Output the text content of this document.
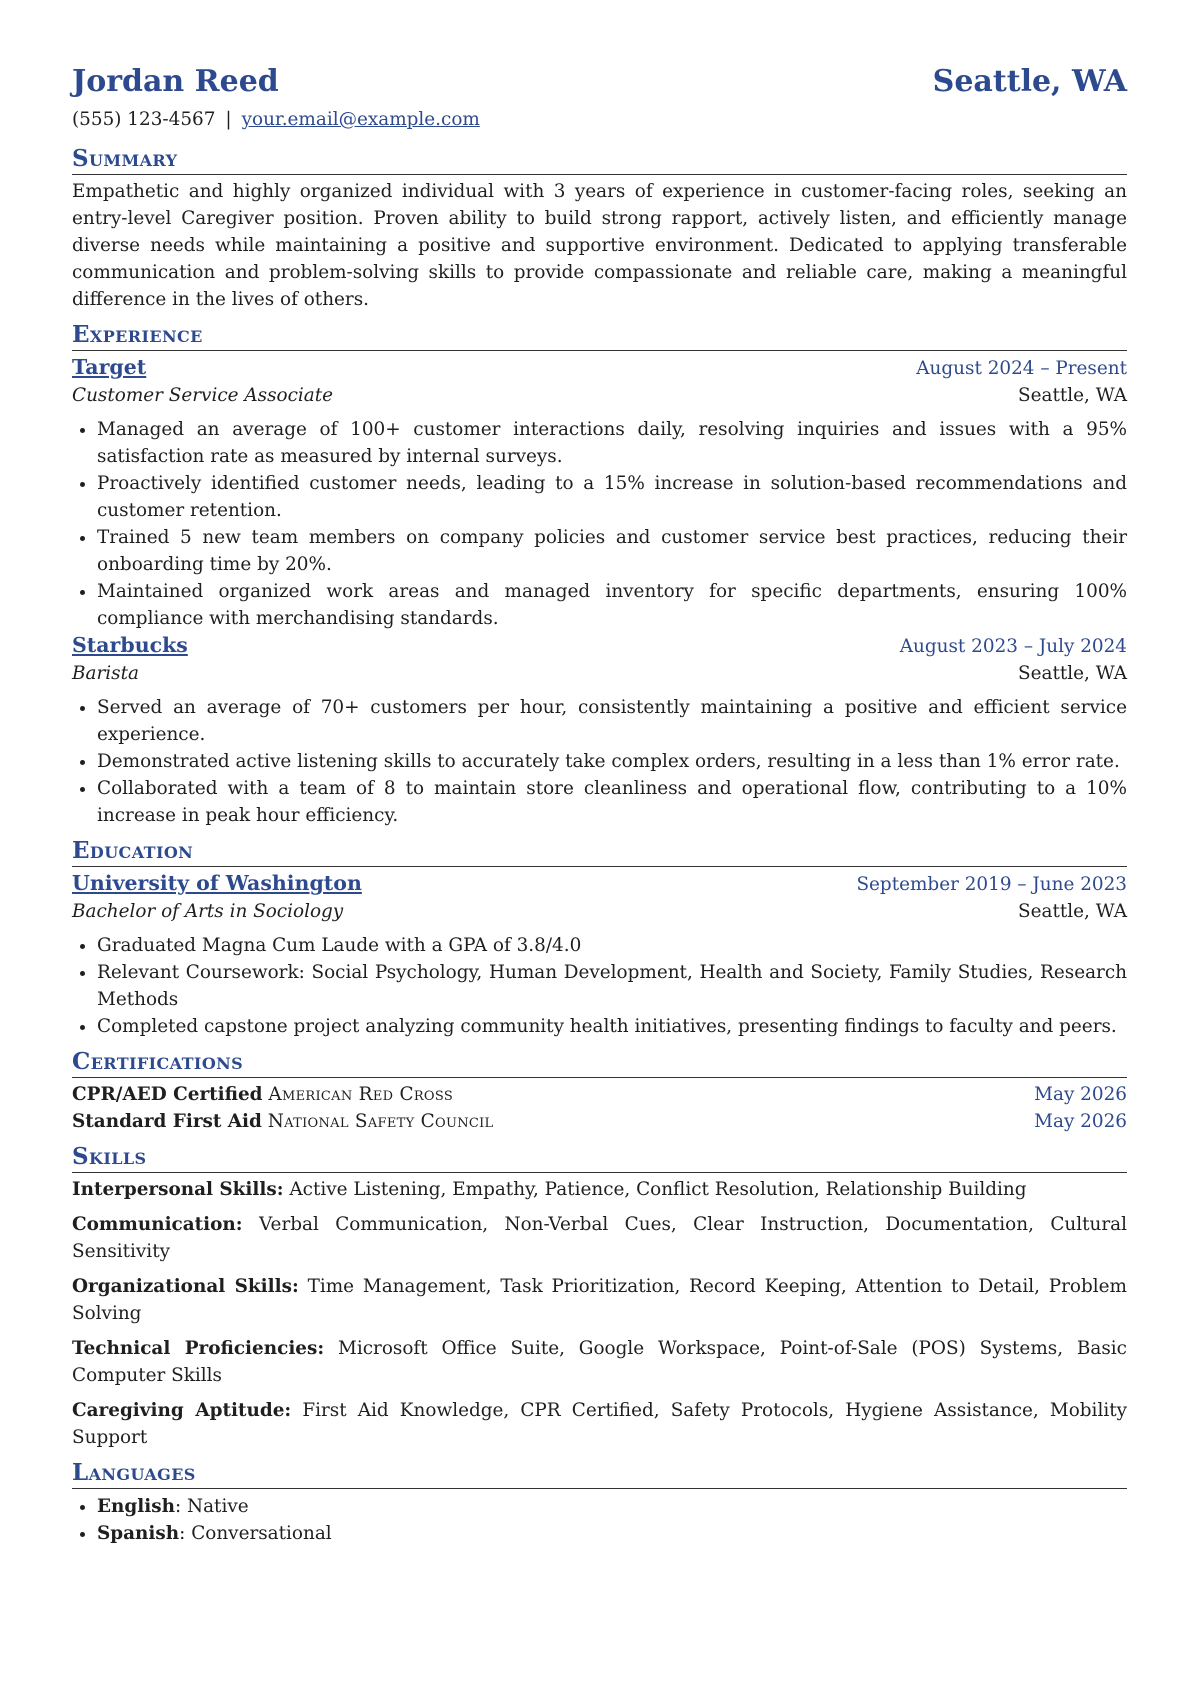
Jordan Reed	Seattle, WA
(555) 123-4567 | your.email@example.com
Summary

Empathetic and highly organized individual with 3 years of experience in customer-facing roles, seeking an entry-level Caregiver position. Proven ability to build strong rapport, actively listen, and efficiently manage diverse needs while maintaining a positive and supportive environment. Dedicated to applying transferable communication and problem-solving skills to provide compassionate and reliable care, making a meaningful difference in the lives of others.

Experience
Target	August 2024 – Present
Customer Service Associate	Seattle, WA
• Managed an average of 100+ customer interactions daily, resolving inquiries and issues with a 95% satisfaction rate as measured by internal surveys.
• Proactively identified customer needs, leading to a 15% increase in solution-based recommendations and customer retention.
• Trained 5 new team members on company policies and customer service best practices, reducing their onboarding time by 20%.
• Maintained organized work areas and managed inventory for specific departments, ensuring 100% compliance with merchandising standards.
Starbucks	August 2023 – July 2024
Barista	Seattle, WA
• Served an average of 70+ customers per hour, consistently maintaining a positive and efficient service experience.
• Demonstrated active listening skills to accurately take complex orders, resulting in a less than 1% error rate.
• Collaborated with a team of 8 to maintain store cleanliness and operational flow, contributing to a 10% increase in peak hour efficiency.
Education
University of Washington	September 2019 – June 2023
Bachelor of Arts in Sociology	Seattle, WA
• Graduated Magna Cum Laude with a GPA of 3.8/4.0
• Relevant Coursework: Social Psychology, Human Development, Health and Society, Family Studies, Research Methods
• Completed capstone project analyzing community health initiatives, presenting findings to faculty and peers.
Certifications
CPR/AED Certified American Red Cross	May 2026
Standard First Aid National Safety Council	May 2026
Skills

Interpersonal Skills: Active Listening, Empathy, Patience, Conflict Resolution, Relationship Building

Communication: Verbal Communication, Non-Verbal Cues, Clear Instruction, Documentation, Cultural Sensitivity

Organizational Skills: Time Management, Task Prioritization, Record Keeping, Attention to Detail, Problem Solving

Technical Proficiencies: Microsoft Office Suite, Google Workspace, Point-of-Sale (POS) Systems, Basic Computer Skills

Caregiving Aptitude: First Aid Knowledge, CPR Certified, Safety Protocols, Hygiene Assistance, Mobility Support

Languages
• English: Native
• Spanish: Conversational
